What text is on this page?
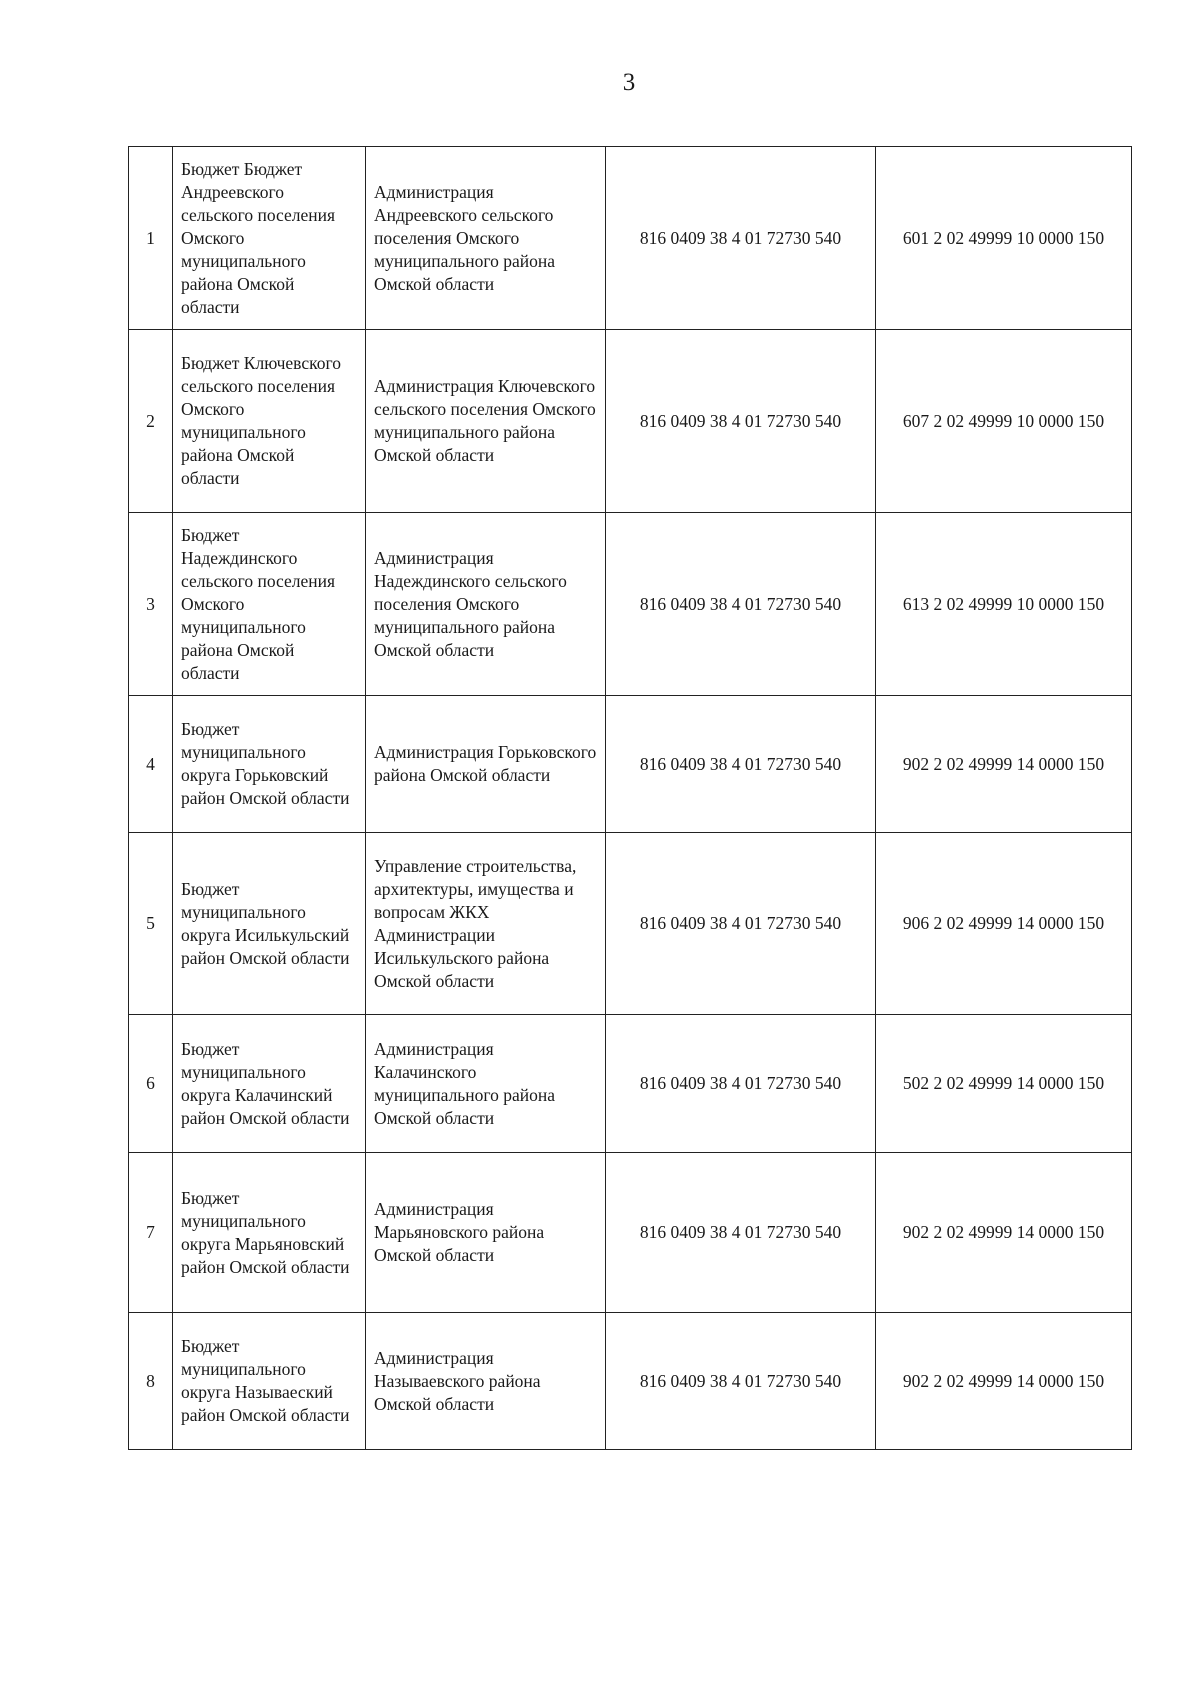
3
1	Бюджет Бюджет Андреевского сельского поселения Омского муниципального района Омской области	Администрация Андреевского сельского поселения Омского муниципального района Омской области	816 0409 38 4 01 72730 540	601 2 02 49999 10 0000 150
2	Бюджет Ключевского сельского поселения Омского муниципального района Омской области	Администрация Ключевского сельского поселения Омского муниципального района Омской области	816 0409 38 4 01 72730 540	607 2 02 49999 10 0000 150
3	Бюджет Надеждинского сельского поселения Омского муниципального района Омской области	Администрация Надеждинского сельского поселения Омского муниципального района Омской области	816 0409 38 4 01 72730 540	613 2 02 49999 10 0000 150
4	Бюджет муниципального округа Горьковский район Омской области	Администрация Горьковского района Омской области	816 0409 38 4 01 72730 540	902 2 02 49999 14 0000 150
5	Бюджет муниципального округа Исилькульский район Омской области	Управление строительства, архитектуры, имущества и вопросам ЖКХ Администрации Исилькульского района Омской области	816 0409 38 4 01 72730 540	906 2 02 49999 14 0000 150
6	Бюджет муниципального округа Калачинский район Омской области	Администрация Калачинского муниципального района Омской области	816 0409 38 4 01 72730 540	502 2 02 49999 14 0000 150
7	Бюджет муниципального округа Марьяновский район Омской области	Администрация Марьяновского района Омской области	816 0409 38 4 01 72730 540	902 2 02 49999 14 0000 150
8	Бюджет муниципального округа Называеский район Омской области	Администрация Называевского района Омской области	816 0409 38 4 01 72730 540	902 2 02 49999 14 0000 150
